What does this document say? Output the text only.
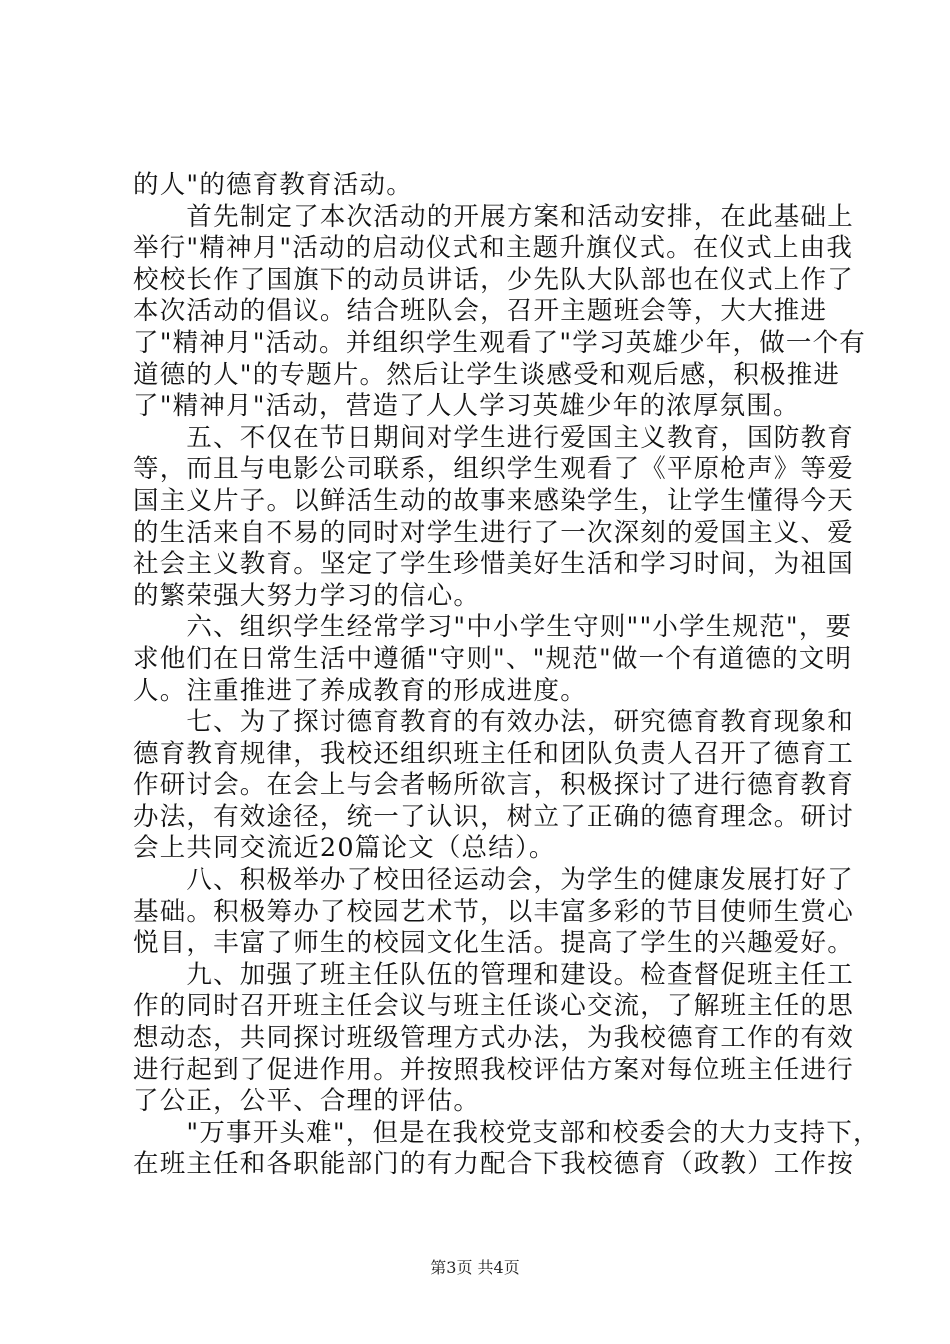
的人"的德育教育活动。
　　首先制定了本次活动的开展方案和活动安排，在此基础上
举行"精神月"活动的启动仪式和主题升旗仪式。在仪式上由我
校校长作了国旗下的动员讲话，少先队大队部也在仪式上作了
本次活动的倡议。结合班队会，召开主题班会等，大大推进
了"精神月"活动。并组织学生观看了"学习英雄少年，做一个有
道德的人"的专题片。然后让学生谈感受和观后感，积极推进
了"精神月"活动，营造了人人学习英雄少年的浓厚氛围。
　　五、不仅在节日期间对学生进行爱国主义教育，国防教育
等，而且与电影公司联系，组织学生观看了《平原枪声》等爱
国主义片子。以鲜活生动的故事来感染学生，让学生懂得今天
的生活来自不易的同时对学生进行了一次深刻的爱国主义、爱
社会主义教育。坚定了学生珍惜美好生活和学习时间，为祖国
的繁荣强大努力学习的信心。
　　六、组织学生经常学习"中小学生守则""小学生规范"，要
求他们在日常生活中遵循"守则"、"规范"做一个有道德的文明
人。注重推进了养成教育的形成进度。
　　七、为了探讨德育教育的有效办法，研究德育教育现象和
德育教育规律，我校还组织班主任和团队负责人召开了德育工
作研讨会。在会上与会者畅所欲言，积极探讨了进行德育教育
办法，有效途径，统一了认识，树立了正确的德育理念。研讨
会上共同交流近20篇论文（总结）。
　　八、积极举办了校田径运动会，为学生的健康发展打好了
基础。积极筹办了校园艺术节，以丰富多彩的节目使师生赏心
悦目，丰富了师生的校园文化生活。提高了学生的兴趣爱好。
　　九、加强了班主任队伍的管理和建设。检查督促班主任工
作的同时召开班主任会议与班主任谈心交流，了解班主任的思
想动态，共同探讨班级管理方式办法，为我校德育工作的有效
进行起到了促进作用。并按照我校评估方案对每位班主任进行
了公正，公平、合理的评估。
　　"万事开头难"，但是在我校党支部和校委会的大力支持下，
在班主任和各职能部门的有力配合下我校德育（政教）工作按
第3页 共4页
